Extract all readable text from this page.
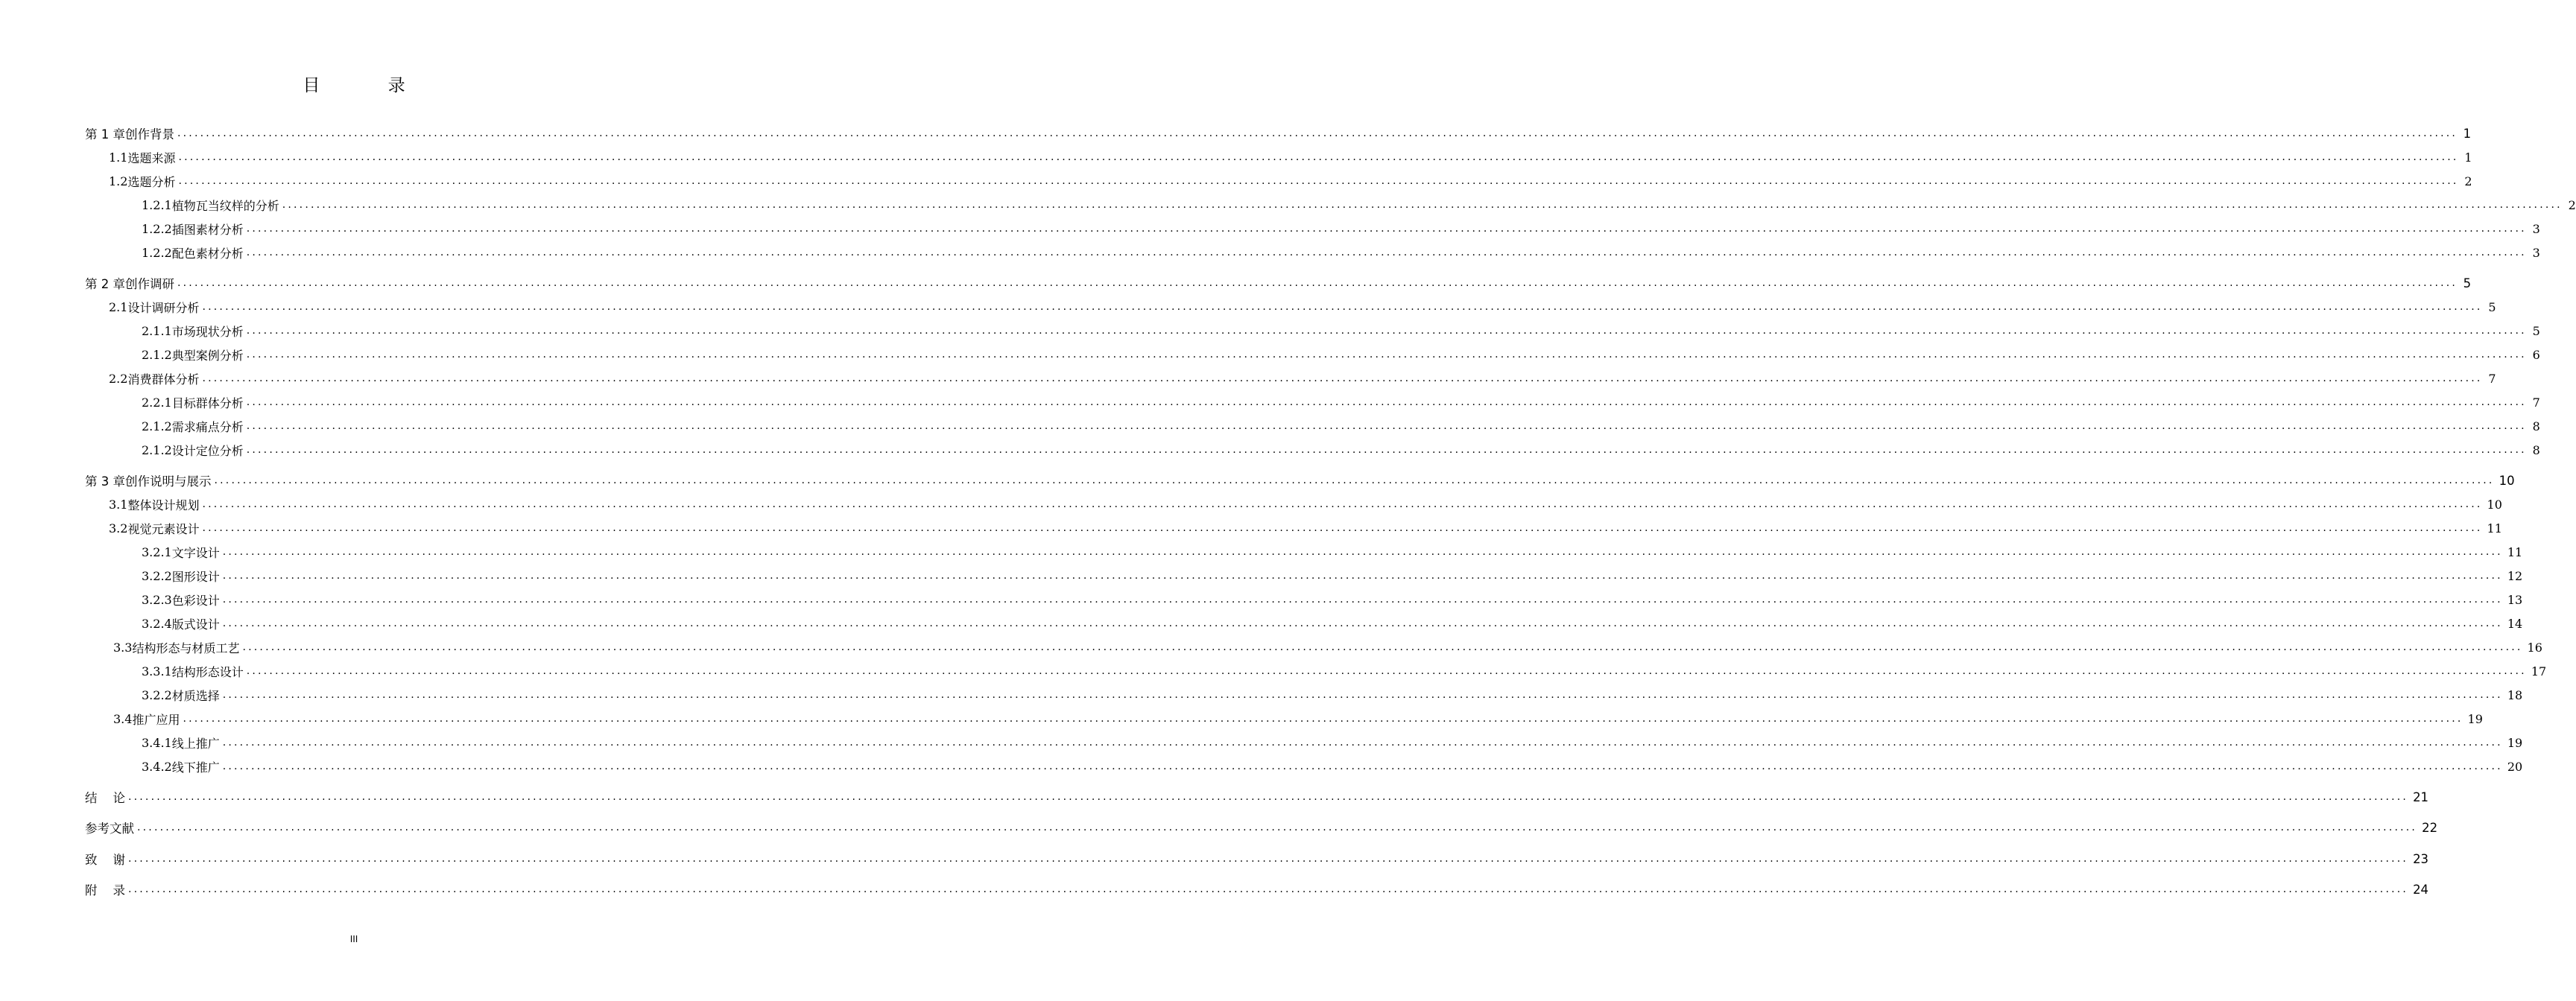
目 录
第 1 章 创作背景 ................................................................................................................................................................................................................................................................................................................................................................................................................ 1
1.1 选题来源 ................................................................................................................................................................................................................................................................................................................................................................................................................ 1
1.2 选题分析 ................................................................................................................................................................................................................................................................................................................................................................................................................ 2
1.2.1 植物瓦当纹样的分析 ................................................................................................................................................................................................................................................................................................................................................................................................................ 2
1.2.2 插图素材分析 ................................................................................................................................................................................................................................................................................................................................................................................................................ 3
1.2.2 配色素材分析 ................................................................................................................................................................................................................................................................................................................................................................................................................ 3
第 2 章 创作调研 ................................................................................................................................................................................................................................................................................................................................................................................................................ 5
2.1 设计调研分析 ................................................................................................................................................................................................................................................................................................................................................................................................................ 5
2.1.1 市场现状分析 ................................................................................................................................................................................................................................................................................................................................................................................................................ 5
2.1.2 典型案例分析 ................................................................................................................................................................................................................................................................................................................................................................................................................ 6
2.2 消费群体分析 ................................................................................................................................................................................................................................................................................................................................................................................................................ 7
2.2.1 目标群体分析 ................................................................................................................................................................................................................................................................................................................................................................................................................ 7
2.1.2 需求痛点分析 ................................................................................................................................................................................................................................................................................................................................................................................................................ 8
2.1.2 设计定位分析 ................................................................................................................................................................................................................................................................................................................................................................................................................ 8
第 3 章 创作说明与展示 ................................................................................................................................................................................................................................................................................................................................................................................................................ 10
3.1 整体设计规划 ................................................................................................................................................................................................................................................................................................................................................................................................................ 10
3.2 视觉元素设计 ................................................................................................................................................................................................................................................................................................................................................................................................................ 11
3.2.1 文字设计 ................................................................................................................................................................................................................................................................................................................................................................................................................ 11
3.2.2 图形设计 ................................................................................................................................................................................................................................................................................................................................................................................................................ 12
3.2.3 色彩设计 ................................................................................................................................................................................................................................................................................................................................................................................................................ 13
3.2.4 版式设计 ................................................................................................................................................................................................................................................................................................................................................................................................................ 14
3.3 结构形态与材质工艺 ................................................................................................................................................................................................................................................................................................................................................................................................................ 16
3.3.1 结构形态设计 ................................................................................................................................................................................................................................................................................................................................................................................................................ 17
3.2.2 材质选择 ................................................................................................................................................................................................................................................................................................................................................................................................................ 18
3.4 推广应用 ................................................................................................................................................................................................................................................................................................................................................................................................................ 19
3.4.1 线上推广 ................................................................................................................................................................................................................................................................................................................................................................................................................ 19
3.4.2 线下推广 ................................................................................................................................................................................................................................................................................................................................................................................................................ 20
结    论 ................................................................................................................................................................................................................................................................................................................................................................................................................ 21
参考文献 ................................................................................................................................................................................................................................................................................................................................................................................................................ 22
致    谢 ................................................................................................................................................................................................................................................................................................................................................................................................................ 23
附    录 ................................................................................................................................................................................................................................................................................................................................................................................................................ 24
III
